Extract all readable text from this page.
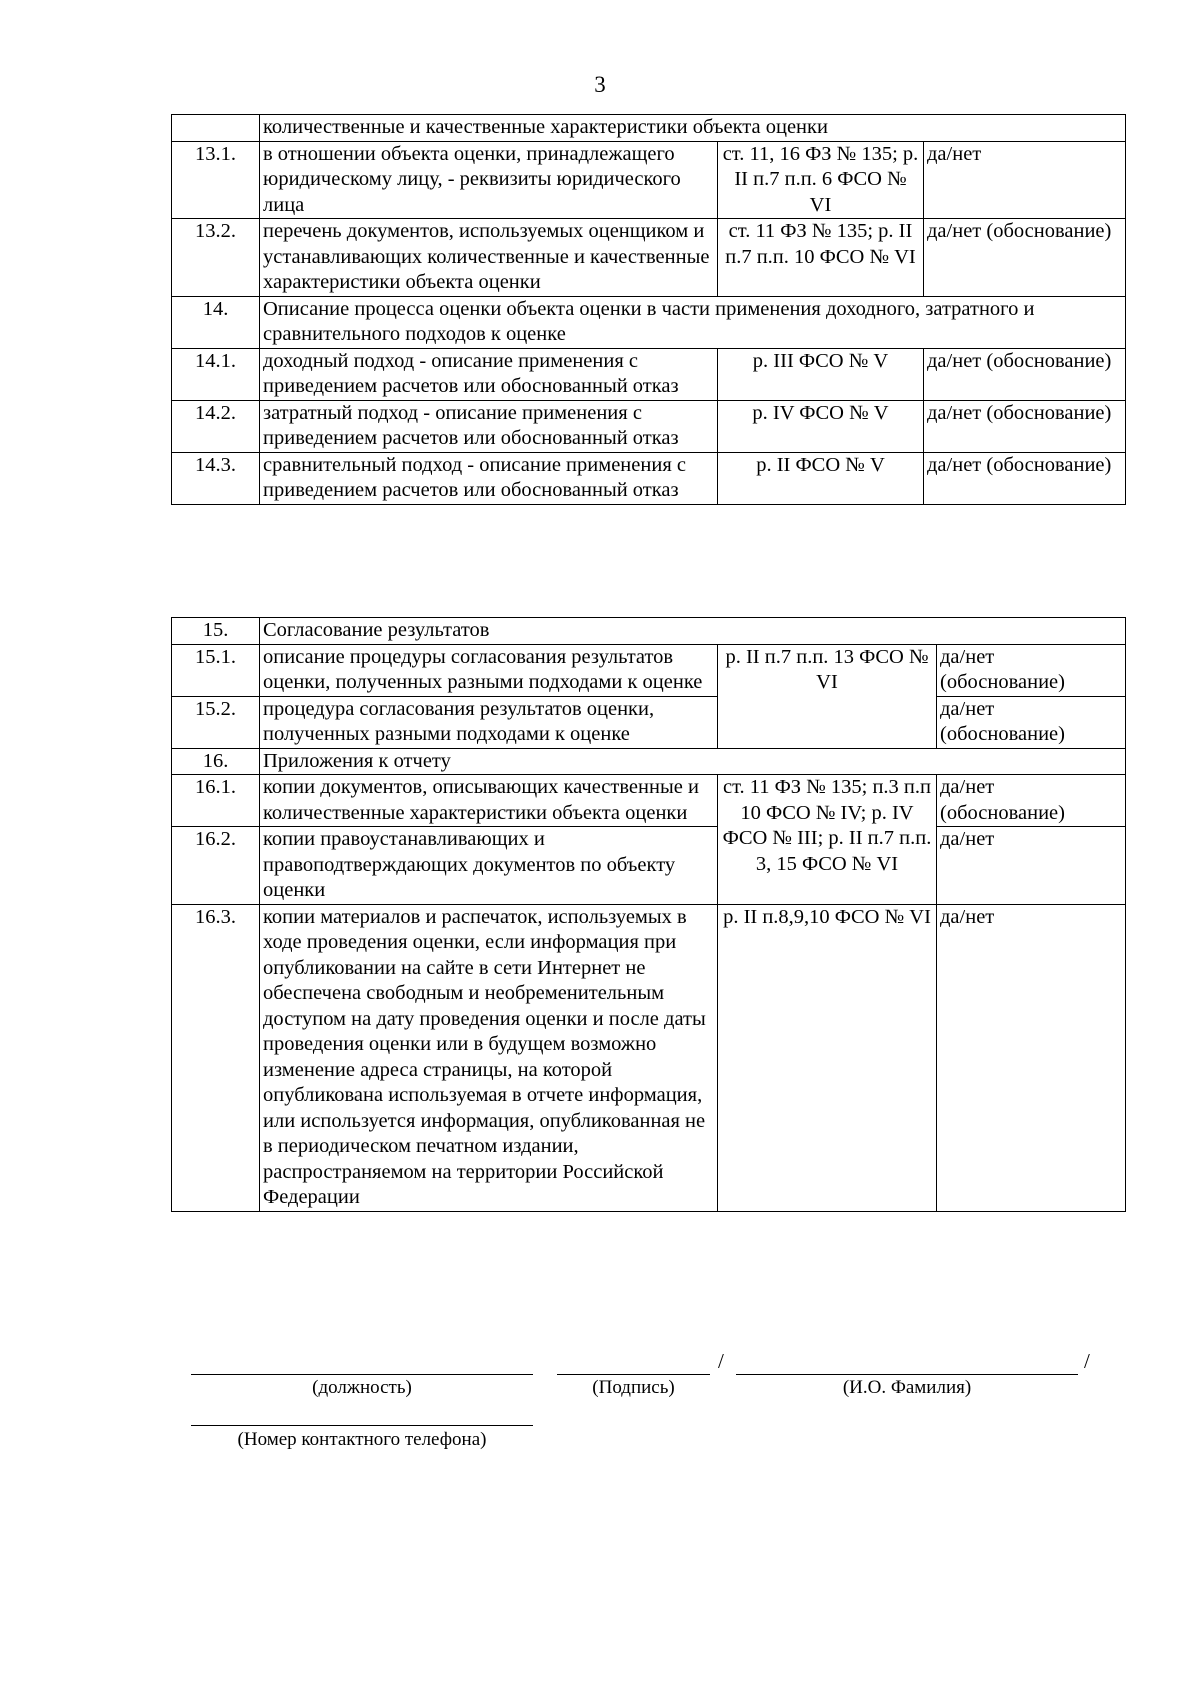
3
	количественные и качественные характеристики объекта оценки		
13.1.	в отношении объекта оценки, принадлежащего юридическому лицу, - реквизиты юридического лица	ст. 11, 16 ФЗ № 135; р. II п.7 п.п. 6 ФСО № VI	да/нет
13.2.	перечень документов, используемых оценщиком и устанавливающих количественные и качественные характеристики объекта оценки	ст. 11 ФЗ № 135; р. II п.7 п.п. 10 ФСО № VI	да/нет (обоснование)
14.	Описание процесса оценки объекта оценки в части применения доходного, затратного и сравнительного подходов к оценке		
14.1.	доходный подход - описание применения с приведением расчетов или обоснованный отказ	р. III ФСО № V	да/нет (обоснование)
14.2.	затратный подход - описание применения с приведением расчетов или обоснованный отказ	р. IV ФСО № V	да/нет (обоснование)
14.3.	сравнительный подход - описание применения с приведением расчетов или обоснованный отказ	р. II ФСО № V	да/нет (обоснование)
15.	Согласование результатов		
15.1.	описание процедуры согласования результатов оценки, полученных разными подходами к оценке	р. II п.7 п.п. 13 ФСО № VI	да/нет (обоснование)
15.2.	процедура согласования результатов оценки, полученных разными подходами к оценке		да/нет (обоснование)
16.	Приложения к отчету		
16.1.	копии документов, описывающих качественные и количественные характеристики объекта оценки	ст. 11 ФЗ № 135; п.3 п.п 10 ФСО № IV; р. IV ФСО № III; р. II п.7 п.п. 3, 15 ФСО № VI	да/нет (обоснование)
16.2.	копии правоустанавливающих и правоподтверждающих документов по объекту оценки		да/нет
16.3.	копии материалов и распечаток, используемых в ходе проведения оценки, если информация при опубликовании на сайте в сети Интернет не обеспечена свободным и необременительным доступом на дату проведения оценки и после даты проведения оценки или в будущем возможно изменение адреса страницы, на которой опубликована используемая в отчете информация, или используется информация, опубликованная не в периодическом печатном издании, распространяемом на территории Российской Федерации	р. II п.8,9,10 ФСО № VI	да/нет
/	/
(должность)	(Подпись)	(И.О. Фамилия)
(Номер контактного телефона)
